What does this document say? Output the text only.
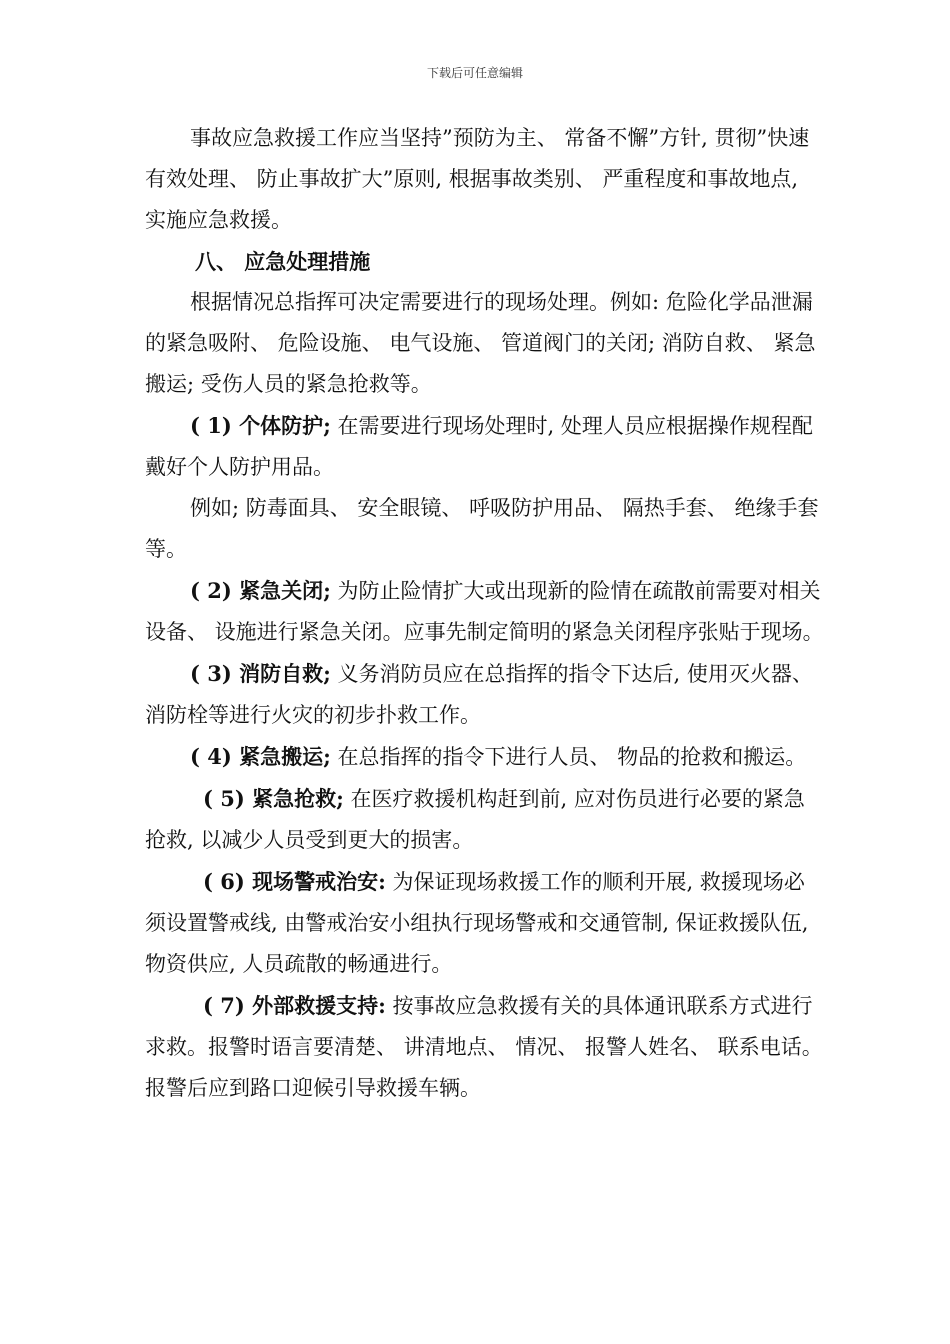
下载后可任意编辑

事故应急救援工作应当坚持”预防为主、 常备不懈”方针, 贯彻”快速有效处理、 防止事故扩大”原则, 根据事故类别、 严重程度和事故地点, 实施应急救援。

八、 应急处理措施

根据情况总指挥可决定需要进行的现场处理。例如: 危险化学品泄漏的紧急吸附、 危险设施、 电气设施、 管道阀门的关闭; 消防自救、 紧急搬运; 受伤人员的紧急抢救等。

( 1) 个体防护; 在需要进行现场处理时, 处理人员应根据操作规程配戴好个人防护用品。

例如; 防毒面具、 安全眼镜、 呼吸防护用品、 隔热手套、 绝缘手套等。

( 2) 紧急关闭; 为防止险情扩大或出现新的险情在疏散前需要对相关设备、 设施进行紧急关闭。应事先制定简明的紧急关闭程序张贴于现场。

( 3) 消防自救; 义务消防员应在总指挥的指令下达后, 使用灭火器、 消防栓等进行火灾的初步扑救工作。

( 4) 紧急搬运; 在总指挥的指令下进行人员、 物品的抢救和搬运。

( 5) 紧急抢救; 在医疗救援机构赶到前, 应对伤员进行必要的紧急抢救, 以减少人员受到更大的损害。

( 6) 现场警戒治安: 为保证现场救援工作的顺利开展, 救援现场必须设置警戒线, 由警戒治安小组执行现场警戒和交通管制, 保证救援队伍, 物资供应, 人员疏散的畅通进行。

( 7) 外部救援支持: 按事故应急救援有关的具体通讯联系方式进行求救。报警时语言要清楚、 讲清地点、 情况、 报警人姓名、 联系电话。报警后应到路口迎候引导救援车辆。
